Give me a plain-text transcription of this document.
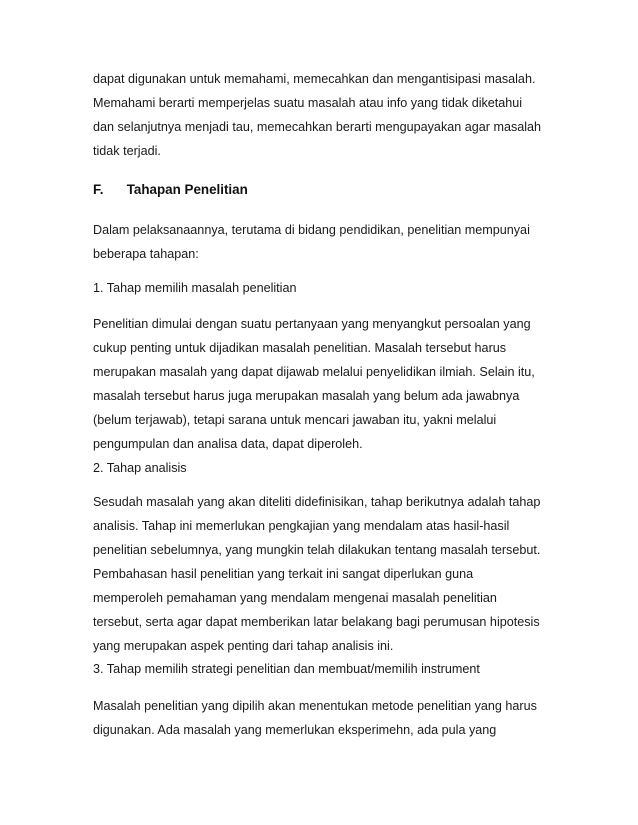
dapat digunakan untuk memahami, memecahkan dan mengantisipasi masalah.
Memahami berarti memperjelas suatu masalah atau info yang tidak diketahui
dan selanjutnya menjadi tau, memecahkan berarti mengupayakan agar masalah
tidak terjadi.
F. Tahapan Penelitian
Dalam pelaksanaannya, terutama di bidang pendidikan, penelitian mempunyai
beberapa tahapan:
1. Tahap memilih masalah penelitian
Penelitian dimulai dengan suatu pertanyaan yang menyangkut persoalan yang
cukup penting untuk dijadikan masalah penelitian. Masalah tersebut harus
merupakan masalah yang dapat dijawab melalui penyelidikan ilmiah. Selain itu,
masalah tersebut harus juga merupakan masalah yang belum ada jawabnya
(belum terjawab), tetapi sarana untuk mencari jawaban itu, yakni melalui
pengumpulan dan analisa data, dapat diperoleh.
2. Tahap analisis
Sesudah masalah yang akan diteliti didefinisikan, tahap berikutnya adalah tahap
analisis. Tahap ini memerlukan pengkajian yang mendalam atas hasil-hasil
penelitian sebelumnya, yang mungkin telah dilakukan tentang masalah tersebut.
Pembahasan hasil penelitian yang terkait ini sangat diperlukan guna
memperoleh pemahaman yang mendalam mengenai masalah penelitian
tersebut, serta agar dapat memberikan latar belakang bagi perumusan hipotesis
yang merupakan aspek penting dari tahap analisis ini.
3. Tahap memilih strategi penelitian dan membuat/memilih instrument
Masalah penelitian yang dipilih akan menentukan metode penelitian yang harus
digunakan. Ada masalah yang memerlukan eksperimehn, ada pula yang
